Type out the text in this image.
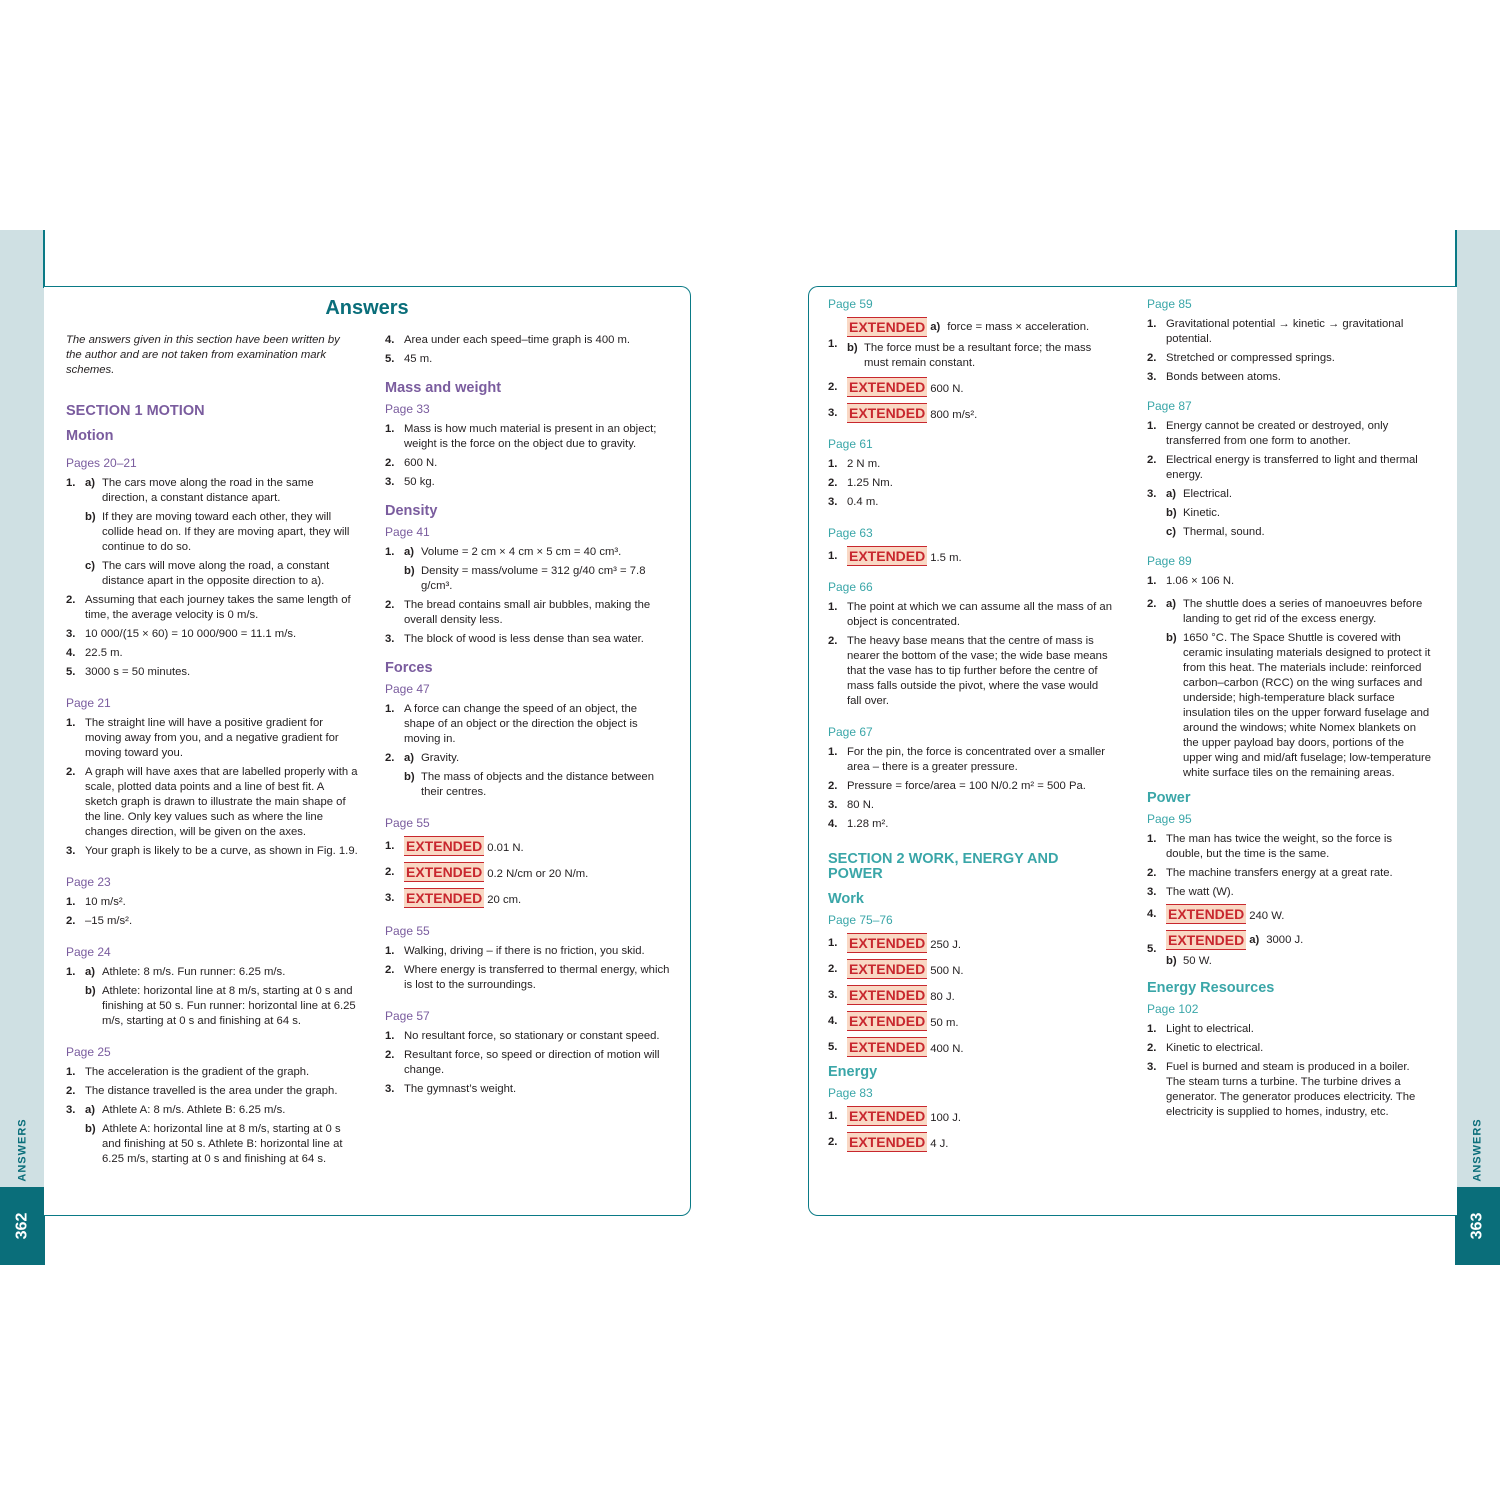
ANSWERS	ANSWERS
362	363
Answers
The answers given in this section have been written by the author and are not taken from examination mark schemes.
SECTION 1 MOTION
Motion
Pages 20–21
1. a) The cars move along the road in the same direction, a constant distance apart.
b) If they are moving toward each other, they will collide head on. If they are moving apart, they will continue to do so.
c) The cars will move along the road, a constant distance apart in the opposite direction to a).
2. Assuming that each journey takes the same length of time, the average velocity is 0 m/s.
3. 10 000/(15 × 60) = 10 000/900 = 11.1 m/s.
4. 22.5 m.
5. 3000 s = 50 minutes.
Page 21
1. The straight line will have a positive gradient for moving away from you, and a negative gradient for moving toward you.
2. A graph will have axes that are labelled properly with a scale, plotted data points and a line of best fit. A sketch graph is drawn to illustrate the main shape of the line. Only key values such as where the line changes direction, will be given on the axes.
3. Your graph is likely to be a curve, as shown in Fig. 1.9.
Page 23
1. 10 m/s².
2. –15 m/s².
Page 24
1. a) Athlete: 8 m/s. Fun runner: 6.25 m/s.
b) Athlete: horizontal line at 8 m/s, starting at 0 s and finishing at 50 s. Fun runner: horizontal line at 6.25 m/s, starting at 0 s and finishing at 64 s.
Page 25
1. The acceleration is the gradient of the graph.
2. The distance travelled is the area under the graph.
3. a) Athlete A: 8 m/s. Athlete B: 6.25 m/s.
b) Athlete A: horizontal line at 8 m/s, starting at 0 s and finishing at 50 s. Athlete B: horizontal line at 6.25 m/s, starting at 0 s and finishing at 64 s.
4. Area under each speed–time graph is 400 m.
5. 45 m.
Mass and weight
Page 33
1. Mass is how much material is present in an object; weight is the force on the object due to gravity.
2. 600 N.
3. 50 kg.
Density
Page 41
1. a) Volume = 2 cm × 4 cm × 5 cm = 40 cm³.
b) Density = mass/volume = 312 g/40 cm³ = 7.8 g/cm³.
2. The bread contains small air bubbles, making the overall density less.
3. The block of wood is less dense than sea water.
Forces
Page 47
1. A force can change the speed of an object, the shape of an object or the direction the object is moving in.
2. a) Gravity.
b) The mass of objects and the distance between their centres.
Page 55
1. EXTENDED 0.01 N.
2. EXTENDED 0.2 N/cm or 20 N/m.
3. EXTENDED 20 cm.
Page 55
1. Walking, driving – if there is no friction, you skid.
2. Where energy is transferred to thermal energy, which is lost to the surroundings.
Page 57
1. No resultant force, so stationary or constant speed.
2. Resultant force, so speed or direction of motion will change.
3. The gymnast’s weight.
Page 59
1.
EXTENDED a) force = mass × acceleration.
b) The force must be a resultant force; the mass must remain constant.
2. EXTENDED 600 N.
3. EXTENDED 800 m/s².
Page 61
1. 2 N m.
2. 1.25 Nm.
3. 0.4 m.
Page 63
1. EXTENDED 1.5 m.
Page 66
1. The point at which we can assume all the mass of an object is concentrated.
2. The heavy base means that the centre of mass is nearer the bottom of the vase; the wide base means that the vase has to tip further before the centre of mass falls outside the pivot, where the vase would fall over.
Page 67
1. For the pin, the force is concentrated over a smaller area – there is a greater pressure.
2. Pressure = force/area = 100 N/0.2 m² = 500 Pa.
3. 80 N.
4. 1.28 m².
SECTION 2 WORK, ENERGY AND POWER
Work
Page 75–76
1. EXTENDED 250 J.
2. EXTENDED 500 N.
3. EXTENDED 80 J.
4. EXTENDED 50 m.
5. EXTENDED 400 N.
Energy
Page 83
1. EXTENDED 100 J.
2. EXTENDED 4 J.
Page 85
1. Gravitational potential → kinetic → gravitational potential.
2. Stretched or compressed springs.
3. Bonds between atoms.
Page 87
1. Energy cannot be created or destroyed, only transferred from one form to another.
2. Electrical energy is transferred to light and thermal energy.
3. a) Electrical.
b) Kinetic.
c) Thermal, sound.
Page 89
1. 1.06 × 106 N.
2. a) The shuttle does a series of manoeuvres before landing to get rid of the excess energy.
b) 1650 °C. The Space Shuttle is covered with ceramic insulating materials designed to protect it from this heat. The materials include: reinforced carbon–carbon (RCC) on the wing surfaces and underside; high-temperature black surface insulation tiles on the upper forward fuselage and around the windows; white Nomex blankets on the upper payload bay doors, portions of the upper wing and mid/aft fuselage; low-temperature white surface tiles on the remaining areas.
Power
Page 95
1. The man has twice the weight, so the force is double, but the time is the same.
2. The machine transfers energy at a great rate.
3. The watt (W).
4. EXTENDED 240 W.
5.
EXTENDED a) 3000 J.
b) 50 W.
Energy Resources
Page 102
1. Light to electrical.
2. Kinetic to electrical.
3. Fuel is burned and steam is produced in a boiler. The steam turns a turbine. The turbine drives a generator. The generator produces electricity. The electricity is supplied to homes, industry, etc.
